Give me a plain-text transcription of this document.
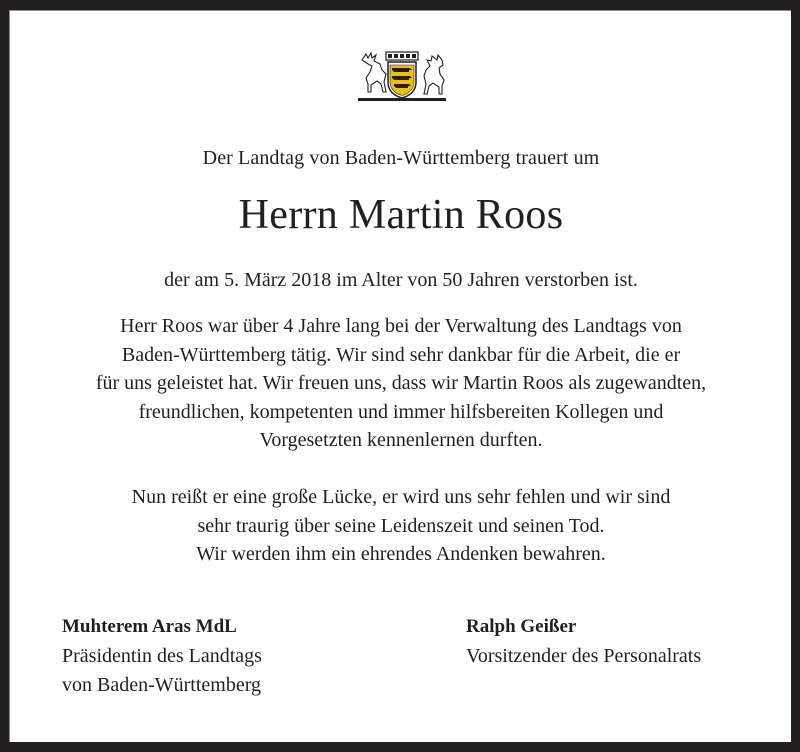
Der Landtag von Baden-Württemberg trauert um
Herrn Martin Roos
der am 5. März 2018 im Alter von 50 Jahren verstorben ist.
Herr Roos war über 4 Jahre lang bei der Verwaltung des Landtags von
Baden-Württemberg tätig. Wir sind sehr dankbar für die Arbeit, die er
für uns geleistet hat. Wir freuen uns, dass wir Martin Roos als zugewandten,
freundlichen, kompetenten und immer hilfsbereiten Kollegen und
Vorgesetzten kennenlernen durften.
Nun reißt er eine große Lücke, er wird uns sehr fehlen und wir sind
sehr traurig über seine Leidenszeit und seinen Tod.
Wir werden ihm ein ehrendes Andenken bewahren.
Muhterem Aras MdL
Präsidentin des Landtags
von Baden-Württemberg
Ralph Geißer
Vorsitzender des Personalrats
